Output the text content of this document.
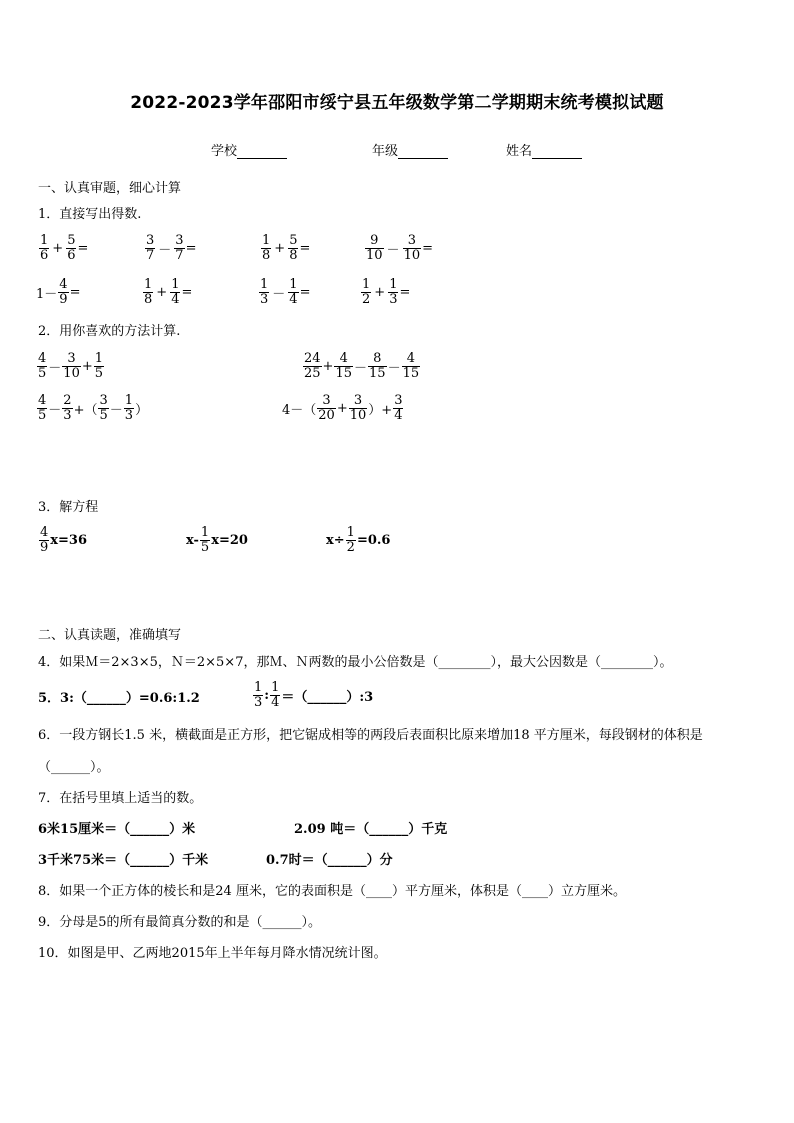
2022-2023学年邵阳市绥宁县五年级数学第二学期期末统考模拟试题
学校	年级	姓名
一、认真审题，细心计算
1．直接写出得数.
$\frac{1}{6} + \frac{5}{6}$ =	$\frac{3}{7} - \frac{3}{7}$ =	$\frac{1}{8} + \frac{5}{8}$ =	$\frac{9}{10} - \frac{3}{10}$ =
$1- \frac{4}{9}$ =	$\frac{1}{8} + \frac{1}{4}$ =	$\frac{1}{3} - \frac{1}{4}$ =	$\frac{1}{2} + \frac{1}{3}$ =
2．用你喜欢的方法计算.
$\frac{4}{5} - \frac{3}{10} + \frac{1}{5}$	$\frac{24}{25} + \frac{4}{15} - \frac{8}{15} - \frac{4}{15}$
$\frac{4}{5} - \frac{2}{3}$ +（ $\frac{3}{5} - \frac{1}{3}$ ）	$4-( \frac{3}{20} + \frac{3}{10}$ ）+ $\frac{3}{4}$
3．解方程
$\frac{4}{9} x=36$	$x- \frac{1}{5} x=20$	$x\div \frac{1}{2} =0.6$
二、认真读题，准确填写
4．如果Ｍ＝2×3×5，Ｎ＝2×5×7，那Ｍ、Ｎ两数的最小公倍数是（________），最大公因数是（________）。
5．3:（______）=0.6:1.2	$\frac{1}{3}$ : $\frac{1}{4}$ ＝（______）:3
6．一段方钢长1.5 米，横截面是正方形，把它锯成相等的两段后表面积比原来增加18 平方厘米，每段钢材的体积是
（______）。
7．在括号里填上适当的数。
6米15厘米＝（______）米	2.09 吨＝（______）千克
3千米75米＝（______）千米	0.7时＝（______）分
8．如果一个正方体的棱长和是24 厘米，它的表面积是（____）平方厘米，体积是（____）立方厘米。
9．分母是5的所有最简真分数的和是（______）。
10．如图是甲、乙两地2015年上半年每月降水情况统计图。
